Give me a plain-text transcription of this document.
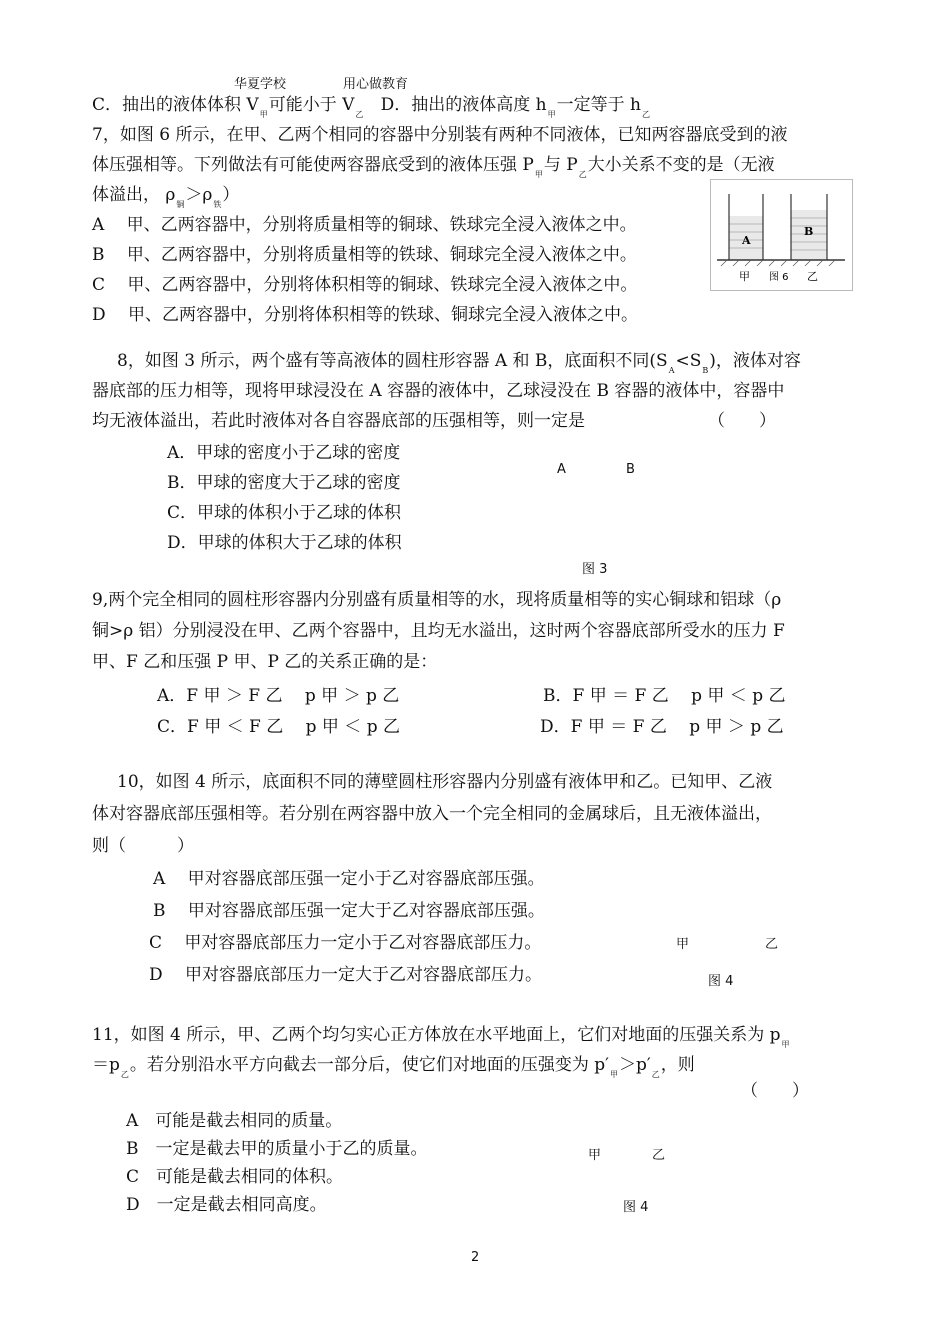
华夏学校	用心做教育
C．抽出的液体体积 $V_甲$可能小于 $V_乙$ D．抽出的液体高度 $h_甲$一定等于 $h_乙$
7，如图 6 所示，在甲、乙两个相同的容器中分别装有两种不同液体，已知两容器底受到的液
体压强相等。下列做法有可能使两容器底受到的液体压强 $P_甲$与 $P_乙$大小关系不变的是（无液
体溢出， $\rho_铜>\rho_铁$）
A　 甲、乙两容器中，分别将质量相等的铜球、铁球完全浸入液体之中。
B　 甲、乙两容器中，分别将质量相等的铁球、铜球完全浸入液体之中。
C　 甲、乙两容器中，分别将体积相等的铜球、铁球完全浸入液体之中。
D　 甲、乙两容器中，分别将体积相等的铁球、铜球完全浸入液体之中。
A
B
甲 图 6 乙
8，如图 3 所示，两个盛有等高液体的圆柱形容器 A 和 B，底面积不同$(S_A<S_B)$，液体对容
器底部的压力相等，现将甲球浸没在 A 容器的液体中，乙球浸没在 B 容器的液体中，容器中
均无液体溢出，若此时液体对各自容器底部的压强相等，则一定是	（　　）
A．甲球的密度小于乙球的密度
B．甲球的密度大于乙球的密度
C．甲球的体积小于乙球的体积
D．甲球的体积大于乙球的体积
A	B
图 3
9,两个完全相同的圆柱形容器内分别盛有质量相等的水，现将质量相等的实心铜球和铝球（ρ
铜>ρ 铝）分别浸没在甲、乙两个容器中，且均无水溢出，这时两个容器底部所受水的压力 F
甲、F 乙和压强 P 甲、P 乙的关系正确的是：
A．F 甲 ＞ F 乙　 p 甲 ＞ p 乙	B．F 甲 ＝ F 乙　 p 甲 ＜ p 乙
C．F 甲 ＜ F 乙　 p 甲 ＜ p 乙	D．F 甲 ＝ F 乙　 p 甲 ＞ p 乙
10，如图 4 所示，底面积不同的薄壁圆柱形容器内分别盛有液体甲和乙。已知甲、乙液
体对容器底部压强相等。若分别在两容器中放入一个完全相同的金属球后，且无液体溢出，
则（　　　）
A　 甲对容器底部压强一定小于乙对容器底部压强。
B　 甲对容器底部压强一定大于乙对容器底部压强。
C　 甲对容器底部压力一定小于乙对容器底部压力。
D　 甲对容器底部压力一定大于乙对容器底部压力。
甲	乙
图 4
11，如图 4 所示，甲、乙两个均匀实心正方体放在水平地面上，它们对地面的压强关系为 $p_甲$
$=p_乙$。若分别沿水平方向截去一部分后，使它们对地面的压强变为 $p'_甲>p'_乙$，则
（　　）
A　可能是截去相同的质量。
B　一定是截去甲的质量小于乙的质量。
C　可能是截去相同的体积。
D　一定是截去相同高度。
甲	乙
图 4
2
